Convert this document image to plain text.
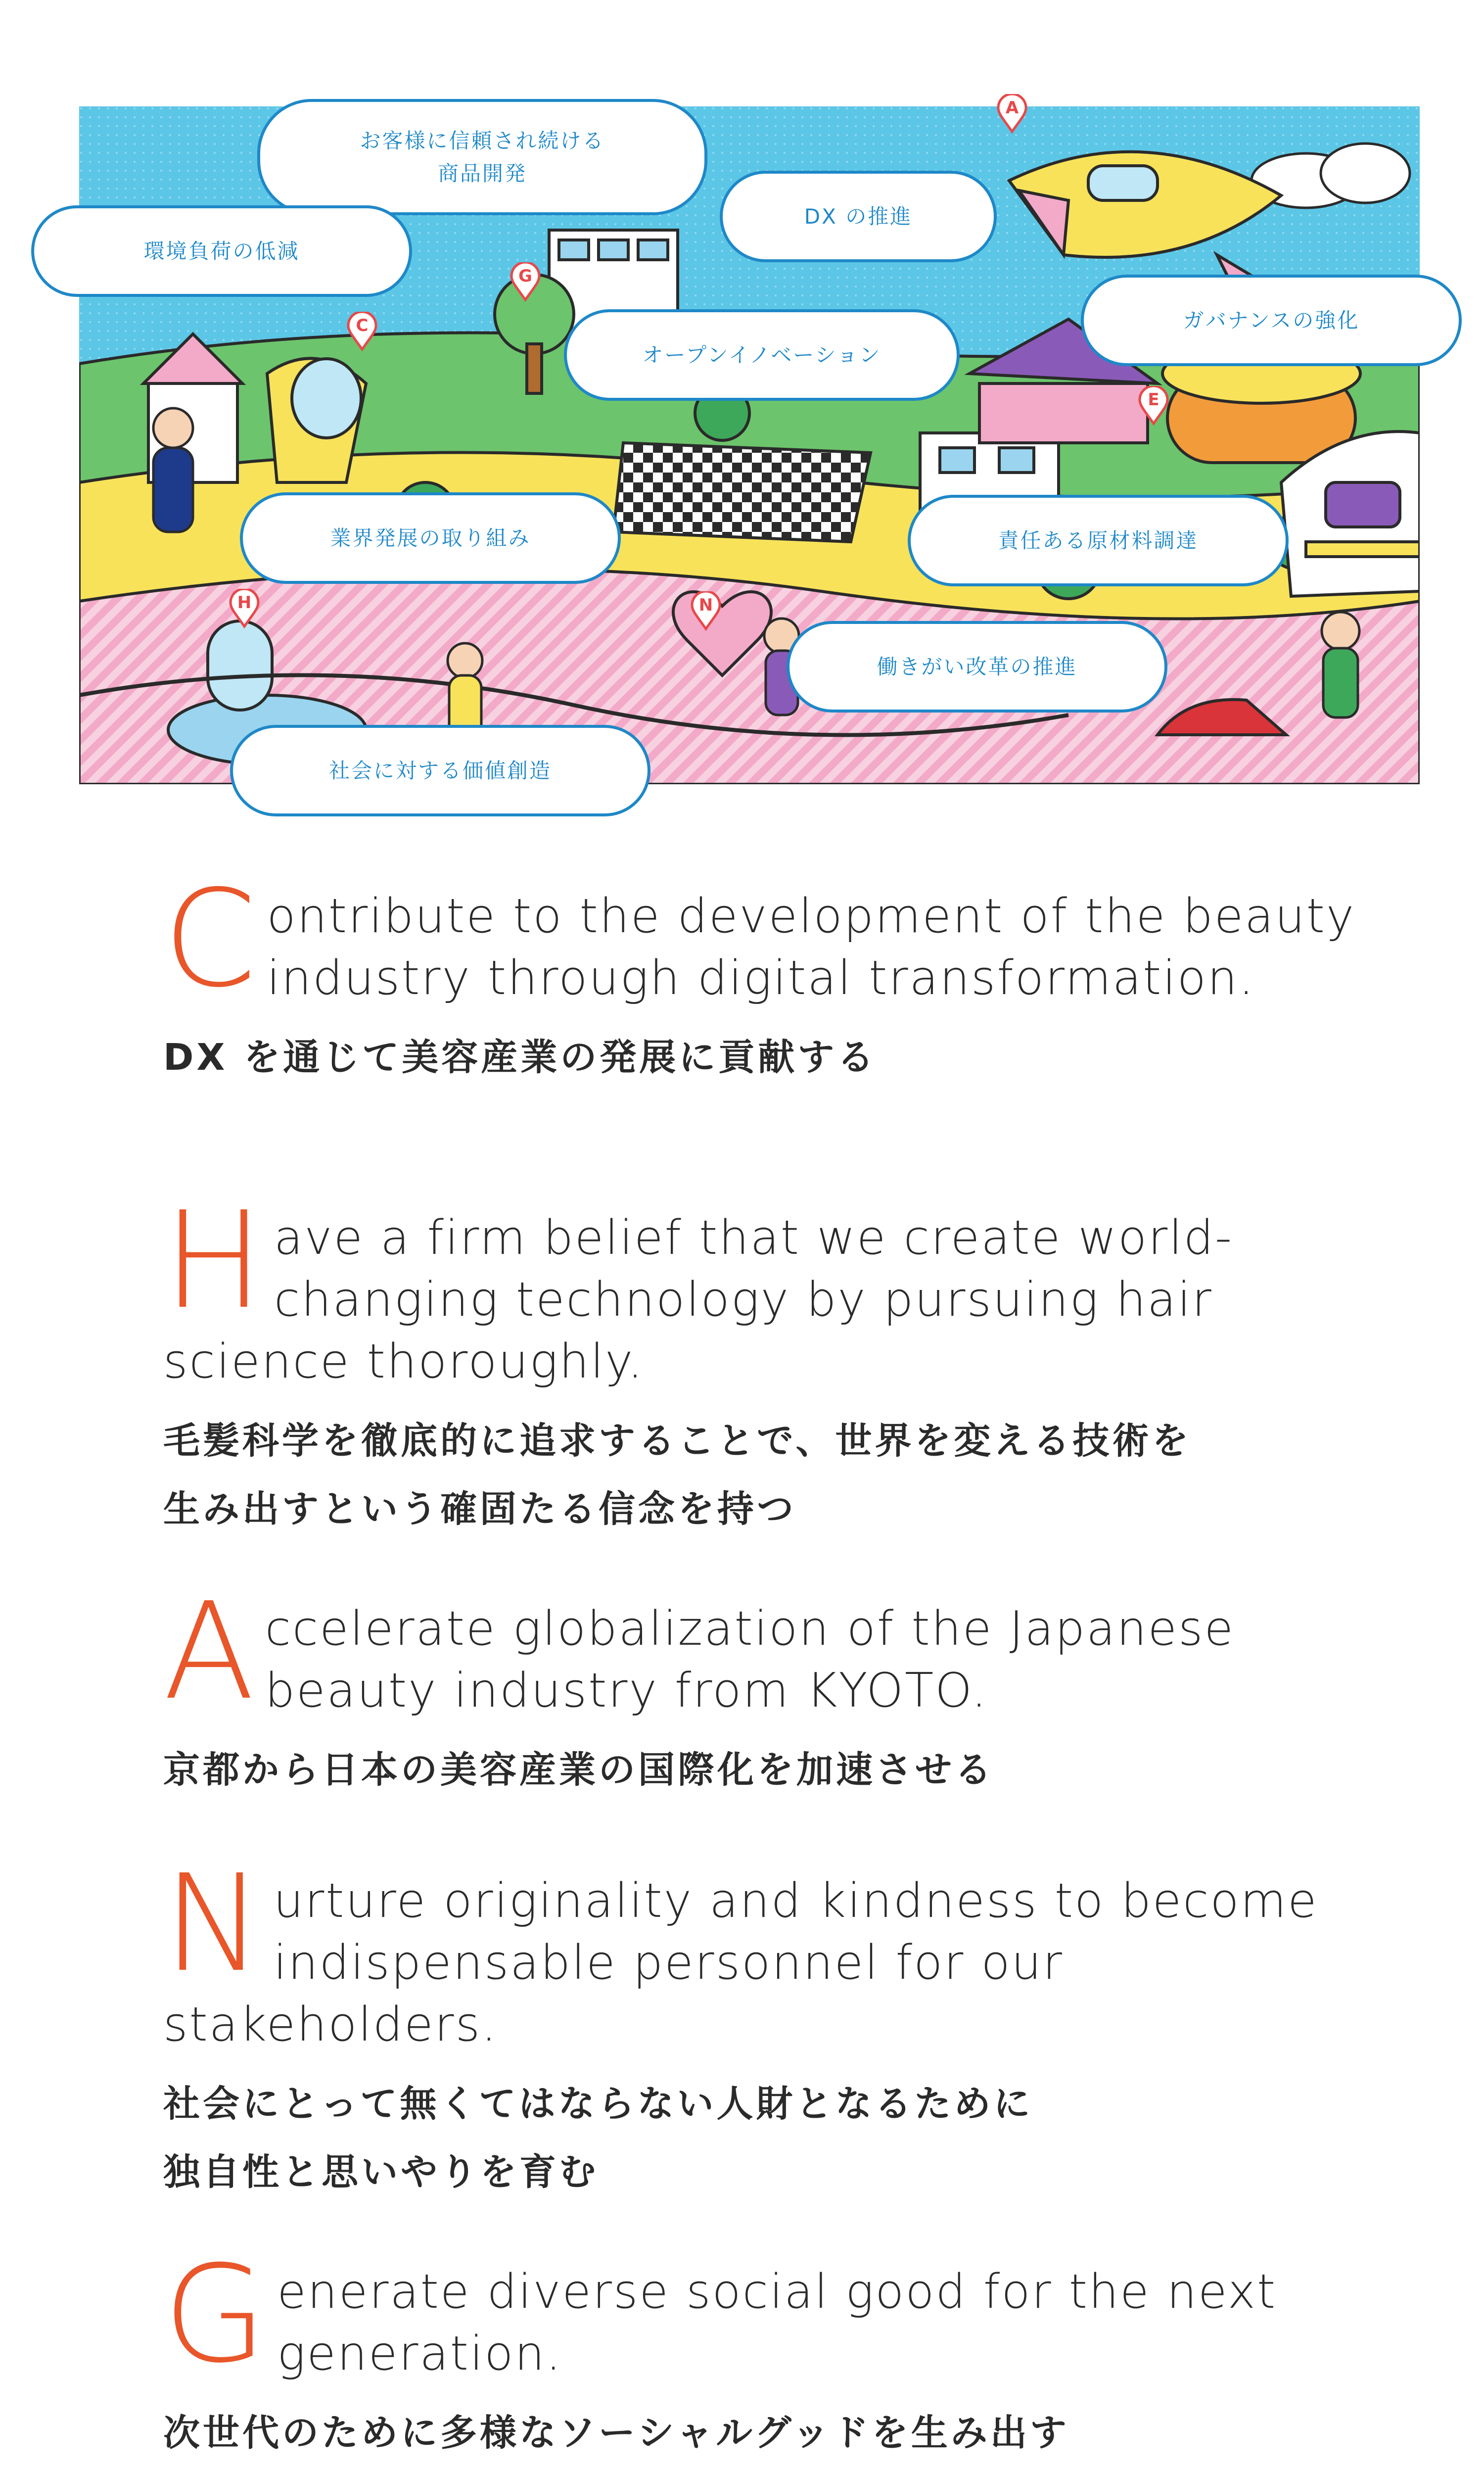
A
G
C
E
H	N
お客様に信頼され続ける
商品開発
DX の推進
環境負荷の低減
ガバナンスの強化
オープンイノベーション
業界発展の取り組み	責任ある原材料調達
働きがい改革の推進
社会に対する価値創造
Contribute to the development of the beauty industry through digital transformation.
DX を通じて美容産業の発展に貢献する
Have a firm belief that we create world-changing technology by pursuing hair science thoroughly.
毛髪科学を徹底的に追求することで、世界を変える技術を
生み出すという確固たる信念を持つ
Accelerate globalization of the Japanese beauty industry from KYOTO.
京都から日本の美容産業の国際化を加速させる
Nurture originality and kindness to become indispensable personnel for our stakeholders.
社会にとって無くてはならない人財となるために
独自性と思いやりを育む
Generate diverse social good for the next generation.
次世代のために多様なソーシャルグッドを生み出す
